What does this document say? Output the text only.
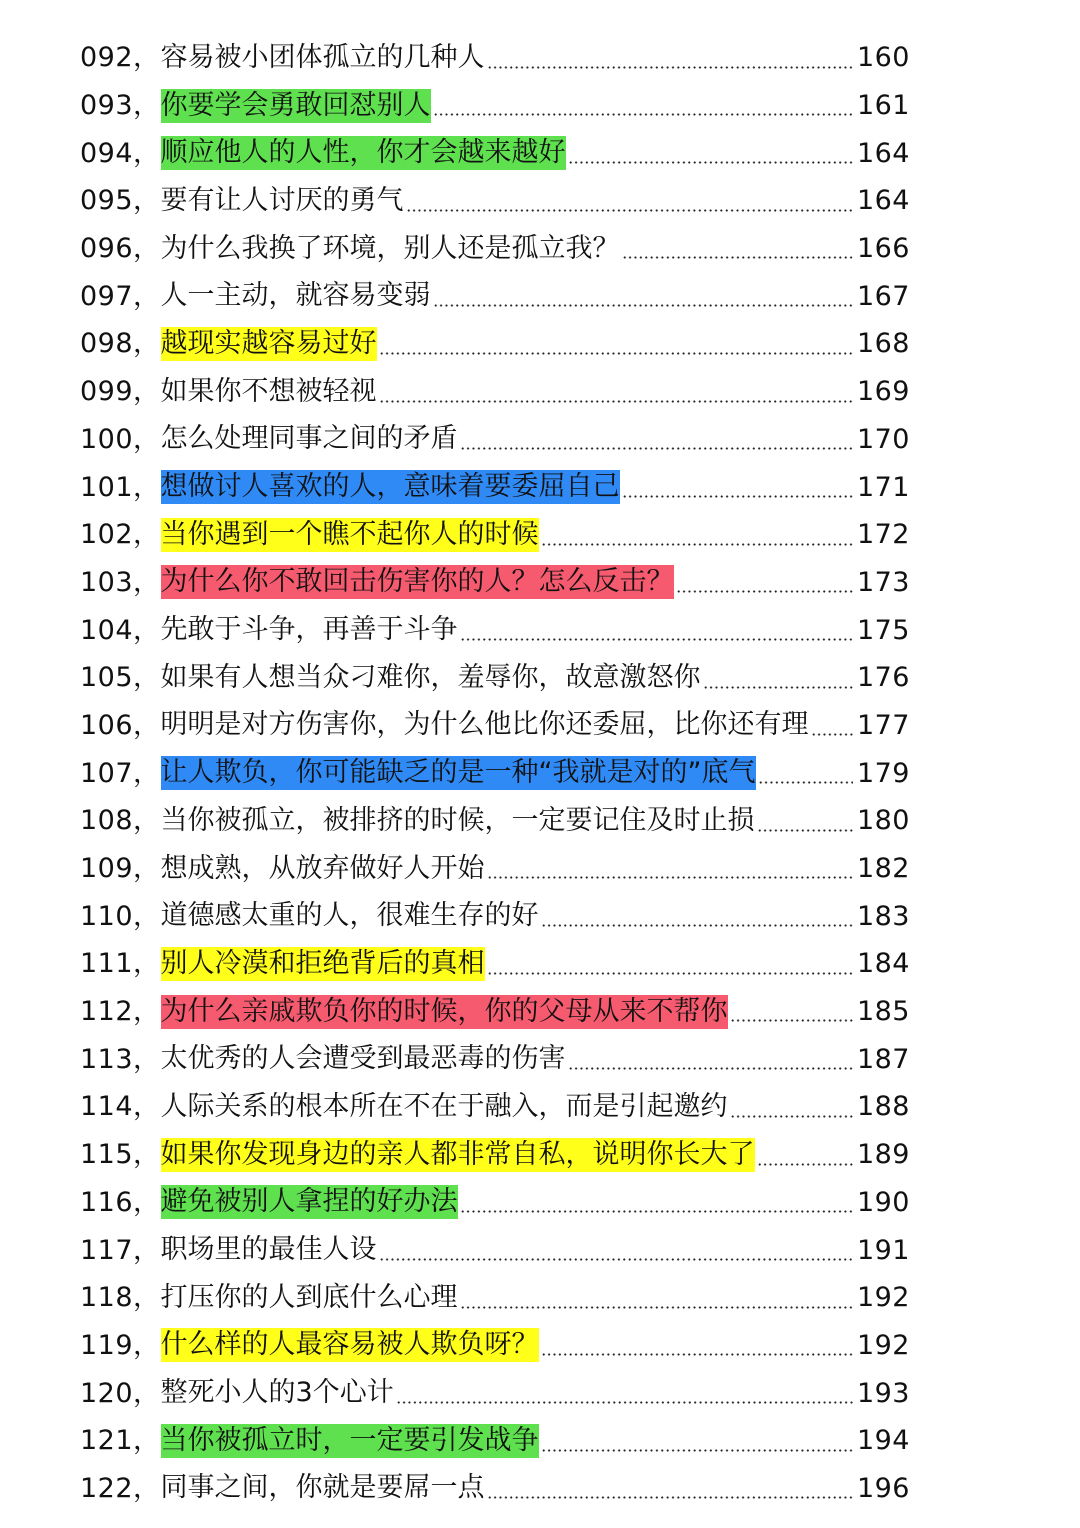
092， 容易被小团体孤立的几种人	160
093， 你要学会勇敢回怼别人	161
094， 顺应他人的人性，你才会越来越好	164
095， 要有让人讨厌的勇气	164
096， 为什么我换了环境，别人还是孤立我？	166
097， 人一主动，就容易变弱	167
098， 越现实越容易过好	168
099， 如果你不想被轻视	169
100， 怎么处理同事之间的矛盾	170
101， 想做讨人喜欢的人，意味着要委屈自己	171
102， 当你遇到一个瞧不起你人的时候	172
103， 为什么你不敢回击伤害你的人？怎么反击？	173
104， 先敢于斗争，再善于斗争	175
105， 如果有人想当众刁难你，羞辱你，故意激怒你	176
106， 明明是对方伤害你，为什么他比你还委屈，比你还有理 177
107， 让人欺负，你可能缺乏的是一种“我就是对的”底气	179
108， 当你被孤立，被排挤的时候，一定要记住及时止损	180
109， 想成熟，从放弃做好人开始	182
110， 道德感太重的人，很难生存的好	183
111， 别人冷漠和拒绝背后的真相	184
112， 为什么亲戚欺负你的时候，你的父母从来不帮你	185
113， 太优秀的人会遭受到最恶毒的伤害	187
114， 人际关系的根本所在不在于融入，而是引起邀约	188
115， 如果你发现身边的亲人都非常自私，说明你长大了	189
116， 避免被别人拿捏的好办法	190
117， 职场里的最佳人设	191
118， 打压你的人到底什么心理	192
119， 什么样的人最容易被人欺负呀？	192
120， 整死小人的3个心计	193
121， 当你被孤立时，一定要引发战争	194
122， 同事之间，你就是要屌一点	196
